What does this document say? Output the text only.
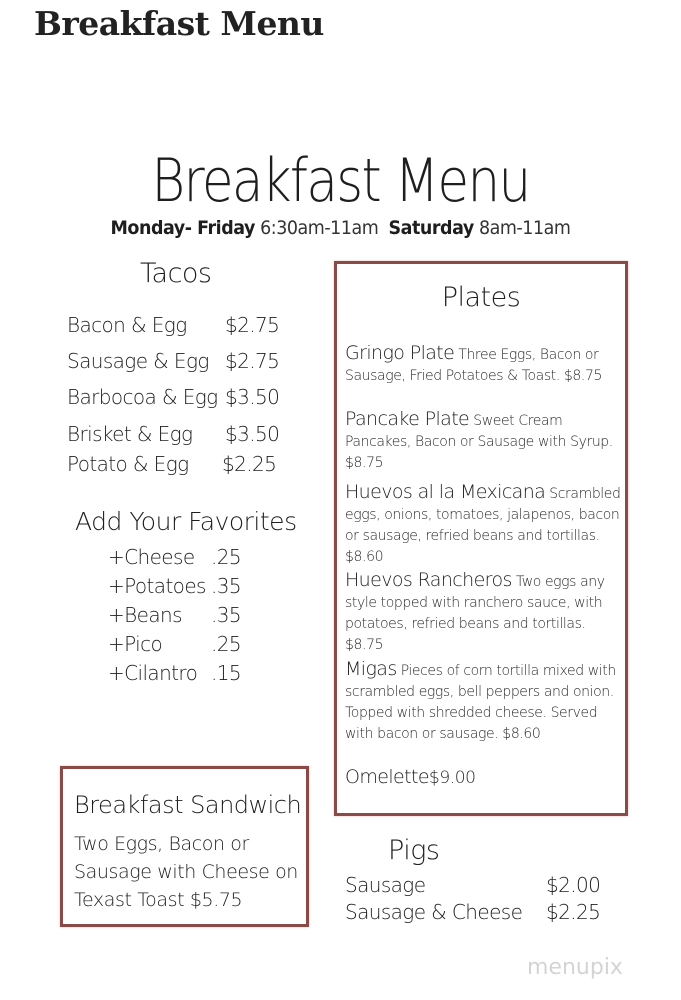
Breakfast Menu
Breakfast Menu
Monday- Friday 6:30am-11am Saturday 8am-11am
Tacos
Bacon & Egg $2.75
Sausage & Egg $2.75
Barbocoa & Egg $3.50
Brisket & Egg $3.50
Potato & Egg $2.25
Add Your Favorites
+Cheese .25
+Potatoes .35
+Beans .35
+Pico .25
+Cilantro .15
Plates
Gringo Plate Three Eggs, Bacon or Sausage, Fried Potatoes & Toast. $8.75
Pancake Plate Sweet Cream Pancakes, Bacon or Sausage with Syrup. $8.75
Huevos al la Mexicana Scrambled eggs, onions, tomatoes, jalapenos, bacon or sausage, refried beans and tortillas. $8.60
Huevos Rancheros Two eggs any style topped with ranchero sauce, with potatoes, refried beans and tortillas. $8.75
Migas Pieces of corn tortilla mixed with scrambled eggs, bell peppers and onion. Topped with shredded cheese. Served with bacon or sausage. $8.60
Omelette$9.00
Breakfast Sandwich
Two Eggs, Bacon or Sausage with Cheese on Texast Toast $5.75
Pigs
Sausage	$2.00
Sausage & Cheese $2.25
menupix
